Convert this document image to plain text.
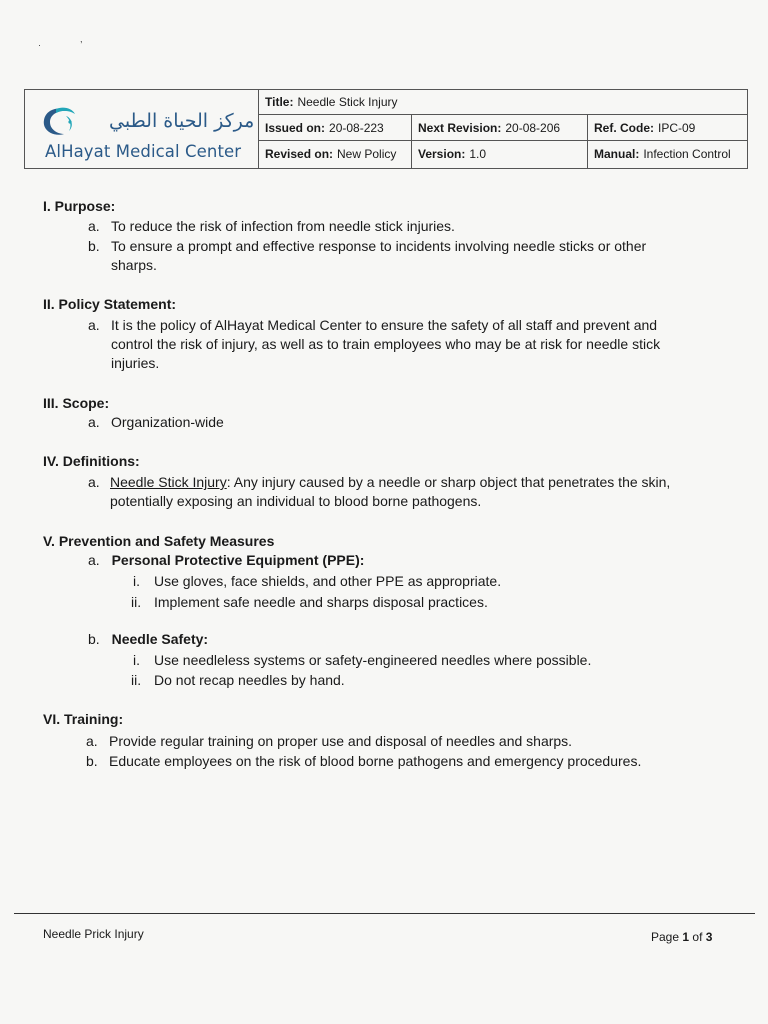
·
,
مركز الحياة الطبي
AlHayat Medical Center
Title: Needle Stick Injury
Issued on: 20-08-223	Next Revision: 20-08-206	Ref. Code: IPC-09
Revised on: New Policy Version: 1.0	Manual: Infection Control
I. Purpose:
a. To reduce the risk of infection from needle stick injuries.
b. To ensure a prompt and effective response to incidents involving needle sticks or other
sharps.
II. Policy Statement:
a. It is the policy of AlHayat Medical Center to ensure the safety of all staff and prevent and
control the risk of injury, as well as to train employees who may be at risk for needle stick
injuries.
III. Scope:
a. Organization-wide
IV. Definitions:
a. Needle Stick Injury: Any injury caused by a needle or sharp object that penetrates the skin,
potentially exposing an individual to blood borne pathogens.
V. Prevention and Safety Measures
a. Personal Protective Equipment (PPE):
i. Use gloves, face shields, and other PPE as appropriate.
ii. Implement safe needle and sharps disposal practices.
b. Needle Safety:
i. Use needleless systems or safety-engineered needles where possible.
ii. Do not recap needles by hand.
VI. Training:
a. Provide regular training on proper use and disposal of needles and sharps.
b. Educate employees on the risk of blood borne pathogens and emergency procedures.
Needle Prick Injury	Page 1 of 3
